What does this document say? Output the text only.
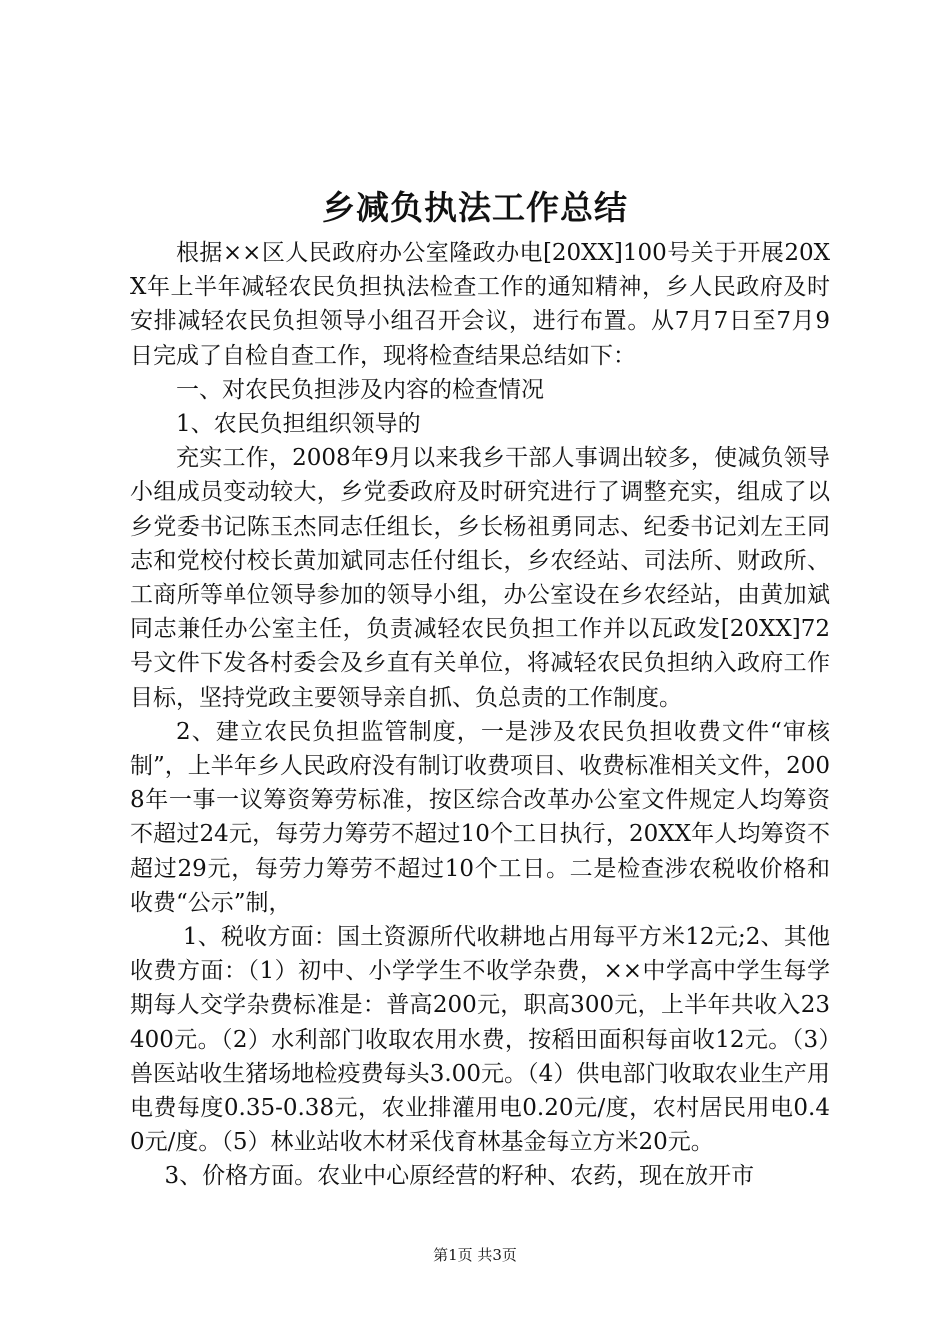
乡减负执法工作总结

根据××区人民政府办公室隆政办电[20XX]100号关于开展20XX年上半年减轻农民负担执法检查工作的通知精神，乡人民政府及时安排减轻农民负担领导小组召开会议，进行布置。从7月7日至7月9日完成了自检自查工作，现将检查结果总结如下：

一、对农民负担涉及内容的检查情况

1、农民负担组织领导的

充实工作，2008年9月以来我乡干部人事调出较多，使减负领导小组成员变动较大，乡党委政府及时研究进行了调整充实，组成了以乡党委书记陈玉杰同志任组长，乡长杨祖勇同志、纪委书记刘左王同志和党校付校长黄加斌同志任付组长，乡农经站、司法所、财政所、工商所等单位领导参加的领导小组，办公室设在乡农经站，由黄加斌同志兼任办公室主任，负责减轻农民负担工作并以瓦政发[20XX]72号文件下发各村委会及乡直有关单位，将减轻农民负担纳入政府工作目标，坚持党政主要领导亲自抓、负总责的工作制度。

2、建立农民负担监管制度，一是涉及农民负担收费文件“审核制”，上半年乡人民政府没有制订收费项目、收费标准相关文件，2008年一事一议筹资筹劳标准，按区综合改革办公室文件规定人均筹资不超过24元，每劳力筹劳不超过10个工日执行，20XX年人均筹资不超过29元，每劳力筹劳不超过10个工日。二是检查涉农税收价格和收费“公示”制，

1、税收方面：国土资源所代收耕地占用每平方米12元;2、其他收费方面：（1）初中、小学学生不收学杂费，××中学高中学生每学期每人交学杂费标准是：普高200元，职高300元，上半年共收入23400元。（2）水利部门收取农用水费，按稻田面积每亩收12元。（3）兽医站收生猪场地检疫费每头3.00元。（4）供电部门收取农业生产用电费每度0.35-0.38元，农业排灌用电0.20元/度，农村居民用电0.40元/度。（5）林业站收木材采伐育林基金每立方米20元。

3、价格方面。农业中心原经营的籽种、农药，现在放开市

第1页 共3页
